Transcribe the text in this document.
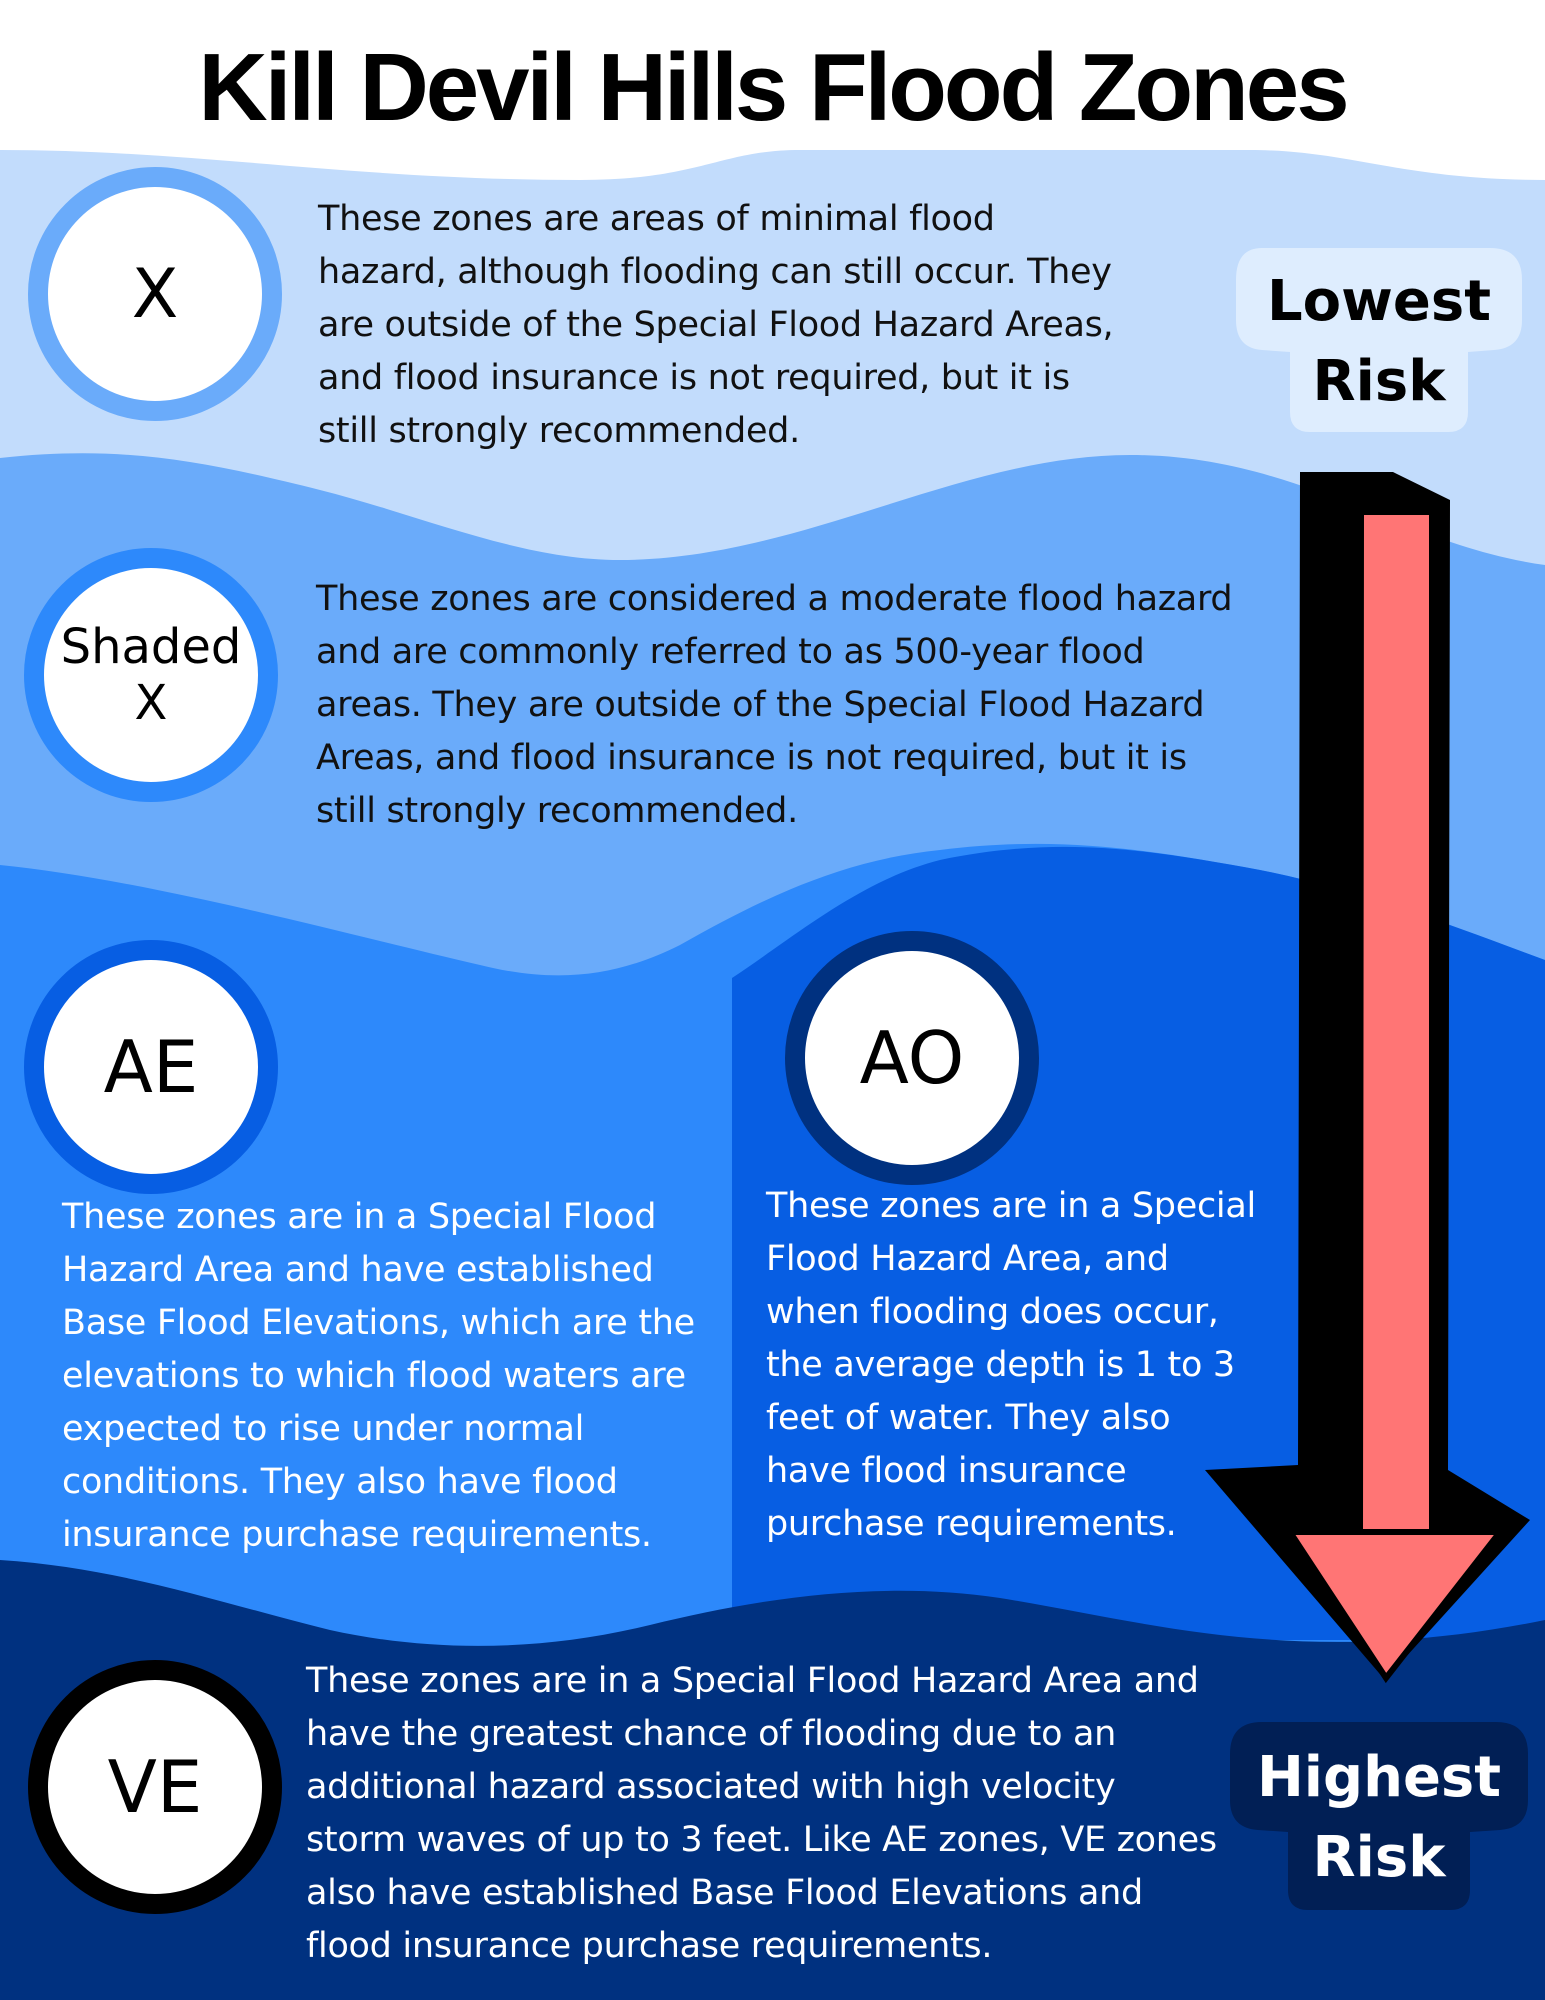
Kill Devil Hills Flood Zones
X

These zones are areas of minimal flood
hazard, although flooding can still occur. They
are outside of the Special Flood Hazard Areas,
and flood insurance is not required, but it is
still strongly recommended.

Shaded
X

These zones are considered a moderate flood hazard
and are commonly referred to as 500-year flood
areas. They are outside of the Special Flood Hazard
Areas, and flood insurance is not required, but it is
still strongly recommended.

AE

These zones are in a Special Flood
Hazard Area and have established
Base Flood Elevations, which are the
elevations to which flood waters are
expected to rise under normal
conditions. They also have flood
insurance purchase requirements.

AO

These zones are in a Special
Flood Hazard Area, and
when flooding does occur,
the average depth is 1 to 3
feet of water. They also
have flood insurance
purchase requirements.

VE

These zones are in a Special Flood Hazard Area and
have the greatest chance of flooding due to an
additional hazard associated with high velocity
storm waves of up to 3 feet. Like AE zones, VE zones
also have established Base Flood Elevations and
flood insurance purchase requirements.

Lowest
Risk
Highest
Risk
